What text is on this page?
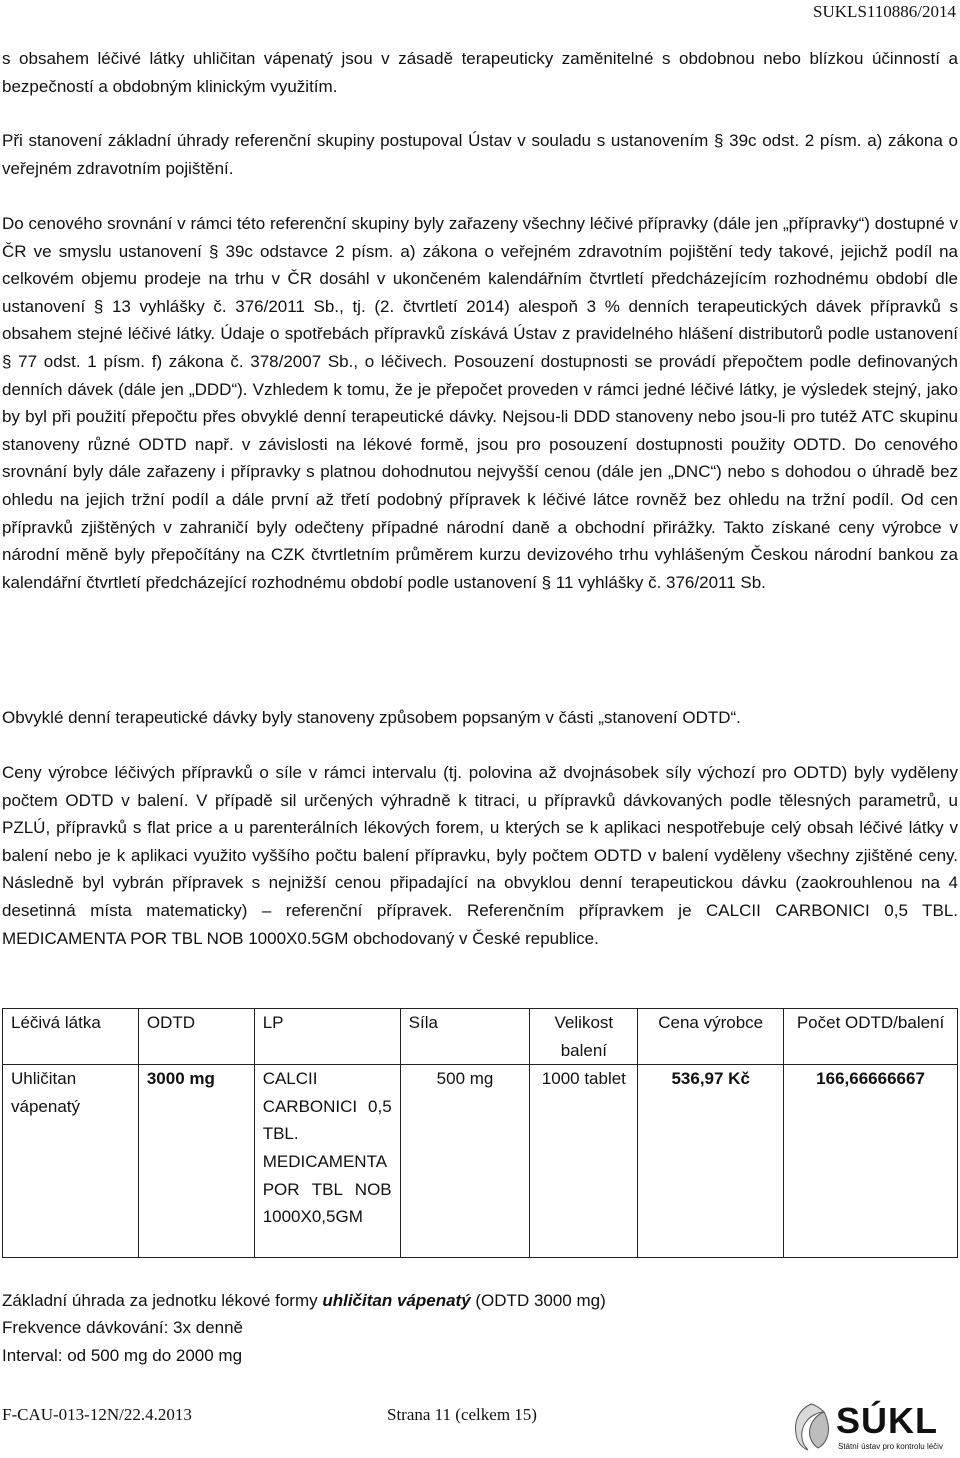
SUKLS110886/2014

s obsahem léčivé látky uhličitan vápenatý jsou v zásadě terapeuticky zaměnitelné s obdobnou nebo blízkou účinností a bezpečností a obdobným klinickým využitím.

Při stanovení základní úhrady referenční skupiny postupoval Ústav v souladu s ustanovením § 39c odst. 2 písm. a) zákona o veřejném zdravotním pojištění.

Do cenového srovnání v rámci této referenční skupiny byly zařazeny všechny léčivé přípravky (dále jen „přípravky“) dostupné v ČR ve smyslu ustanovení § 39c odstavce 2 písm. a) zákona o veřejném zdravotním pojištění tedy takové, jejichž podíl na celkovém objemu prodeje na trhu v ČR dosáhl v ukončeném kalendářním čtvrtletí předcházejícím rozhodnému období dle ustanovení § 13 vyhlášky č. 376/2011 Sb., tj. (2. čtvrtletí 2014) alespoň 3 % denních terapeutických dávek přípravků s obsahem stejné léčivé látky. Údaje o spotřebách přípravků získává Ústav z pravidelného hlášení distributorů podle ustanovení § 77 odst. 1 písm. f) zákona č. 378/2007 Sb., o léčivech. Posouzení dostupnosti se provádí přepočtem podle definovaných denních dávek (dále jen „DDD“). Vzhledem k tomu, že je přepočet proveden v rámci jedné léčivé látky, je výsledek stejný, jako by byl při použití přepočtu přes obvyklé denní terapeutické dávky. Nejsou-li DDD stanoveny nebo jsou-li pro tutéž ATC skupinu stanoveny různé ODTD např. v závislosti na lékové formě, jsou pro posouzení dostupnosti použity ODTD. Do cenového srovnání byly dále zařazeny i přípravky s platnou dohodnutou nejvyšší cenou (dále jen „DNC“) nebo s dohodou o úhradě bez ohledu na jejich tržní podíl a dále první až třetí podobný přípravek k léčivé látce rovněž bez ohledu na tržní podíl. Od cen přípravků zjištěných v zahraničí byly odečteny případné národní daně a obchodní přirážky. Takto získané ceny výrobce v národní měně byly přepočítány na CZK čtvrtletním průměrem kurzu devizového trhu vyhlášeným Českou národní bankou za kalendářní čtvrtletí předcházející rozhodnému období podle ustanovení § 11 vyhlášky č. 376/2011 Sb.

Obvyklé denní terapeutické dávky byly stanoveny způsobem popsaným v části „stanovení ODTD“.

Ceny výrobce léčivých přípravků o síle v rámci intervalu (tj. polovina až dvojnásobek síly výchozí pro ODTD) byly vyděleny počtem ODTD v balení. V případě sil určených výhradně k titraci, u přípravků dávkovaných podle tělesných parametrů, u PZLÚ, přípravků s flat price a u parenterálních lékových forem, u kterých se k aplikaci nespotřebuje celý obsah léčivé látky v balení nebo je k aplikaci využito vyššího počtu balení přípravku, byly počtem ODTD v balení vyděleny všechny zjištěné ceny. Následně byl vybrán přípravek s nejnižší cenou připadající na obvyklou denní terapeutickou dávku (zaokrouhlenou na 4 desetinná místa matematicky) – referenční přípravek. Referenčním přípravkem je CALCII CARBONICI 0,5 TBL. MEDICAMENTA POR TBL NOB 1000X0.5GM obchodovaný v České republice.

Léčivá látka	ODTD	LP	Síla	Velikost balení	Cena výrobce	Počet ODTD/balení
Uhličitan vápenatý	3000 mg	CALCII CARBONICI 0,5 TBL. MEDICAMENTA POR TBL NOB 1000X0,5GM	500 mg	1000 tablet	536,97 Kč	166,66666667
Základní úhrada za jednotku lékové formy uhličitan vápenatý (ODTD 3000 mg)
Frekvence dávkování: 3x denně
Interval: od 500 mg do 2000 mg
F-CAU-013-12N/22.4.2013	Strana 11 (celkem 15)	SÚKL
Státní ústav pro kontrolu léčiv
